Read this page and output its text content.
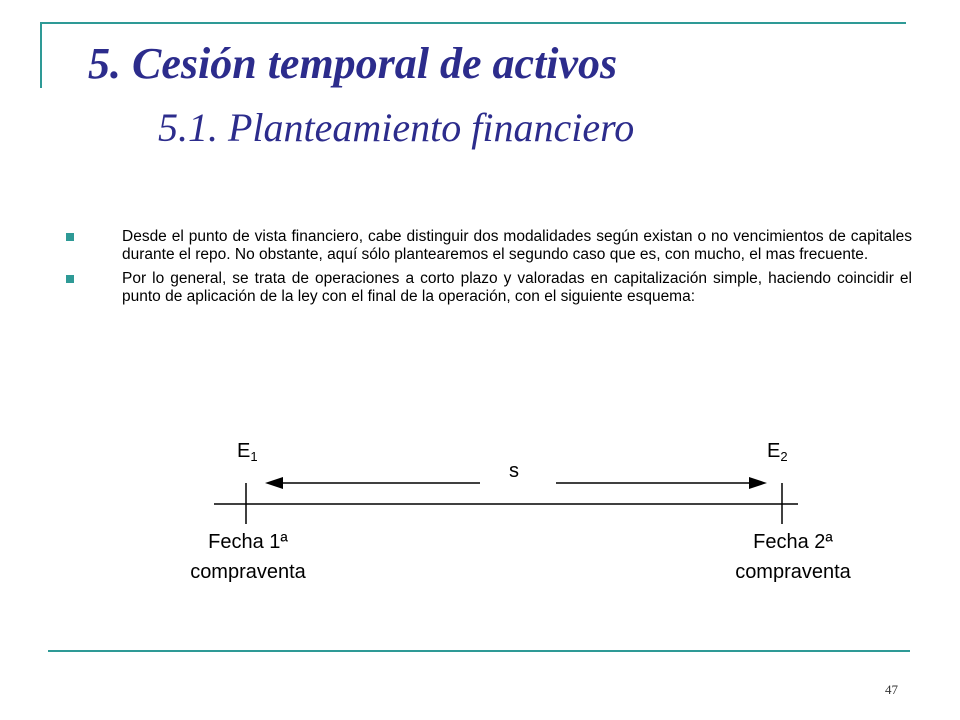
5. Cesión temporal de activos
5.1. Planteamiento financiero
Desde el punto de vista financiero, cabe distinguir dos modalidades según existan o no vencimientos de capitales durante el repo. No obstante, aquí sólo plantearemos el segundo caso que es, con mucho, el mas frecuente.
Por lo general, se trata de operaciones a corto plazo y valoradas en capitalización simple, haciendo coincidir el punto de aplicación de la ley con el final de la operación, con el siguiente esquema:
$E_1$	$E_2$
s
Fecha 1ª
compraventa
Fecha 2ª
compraventa
47
